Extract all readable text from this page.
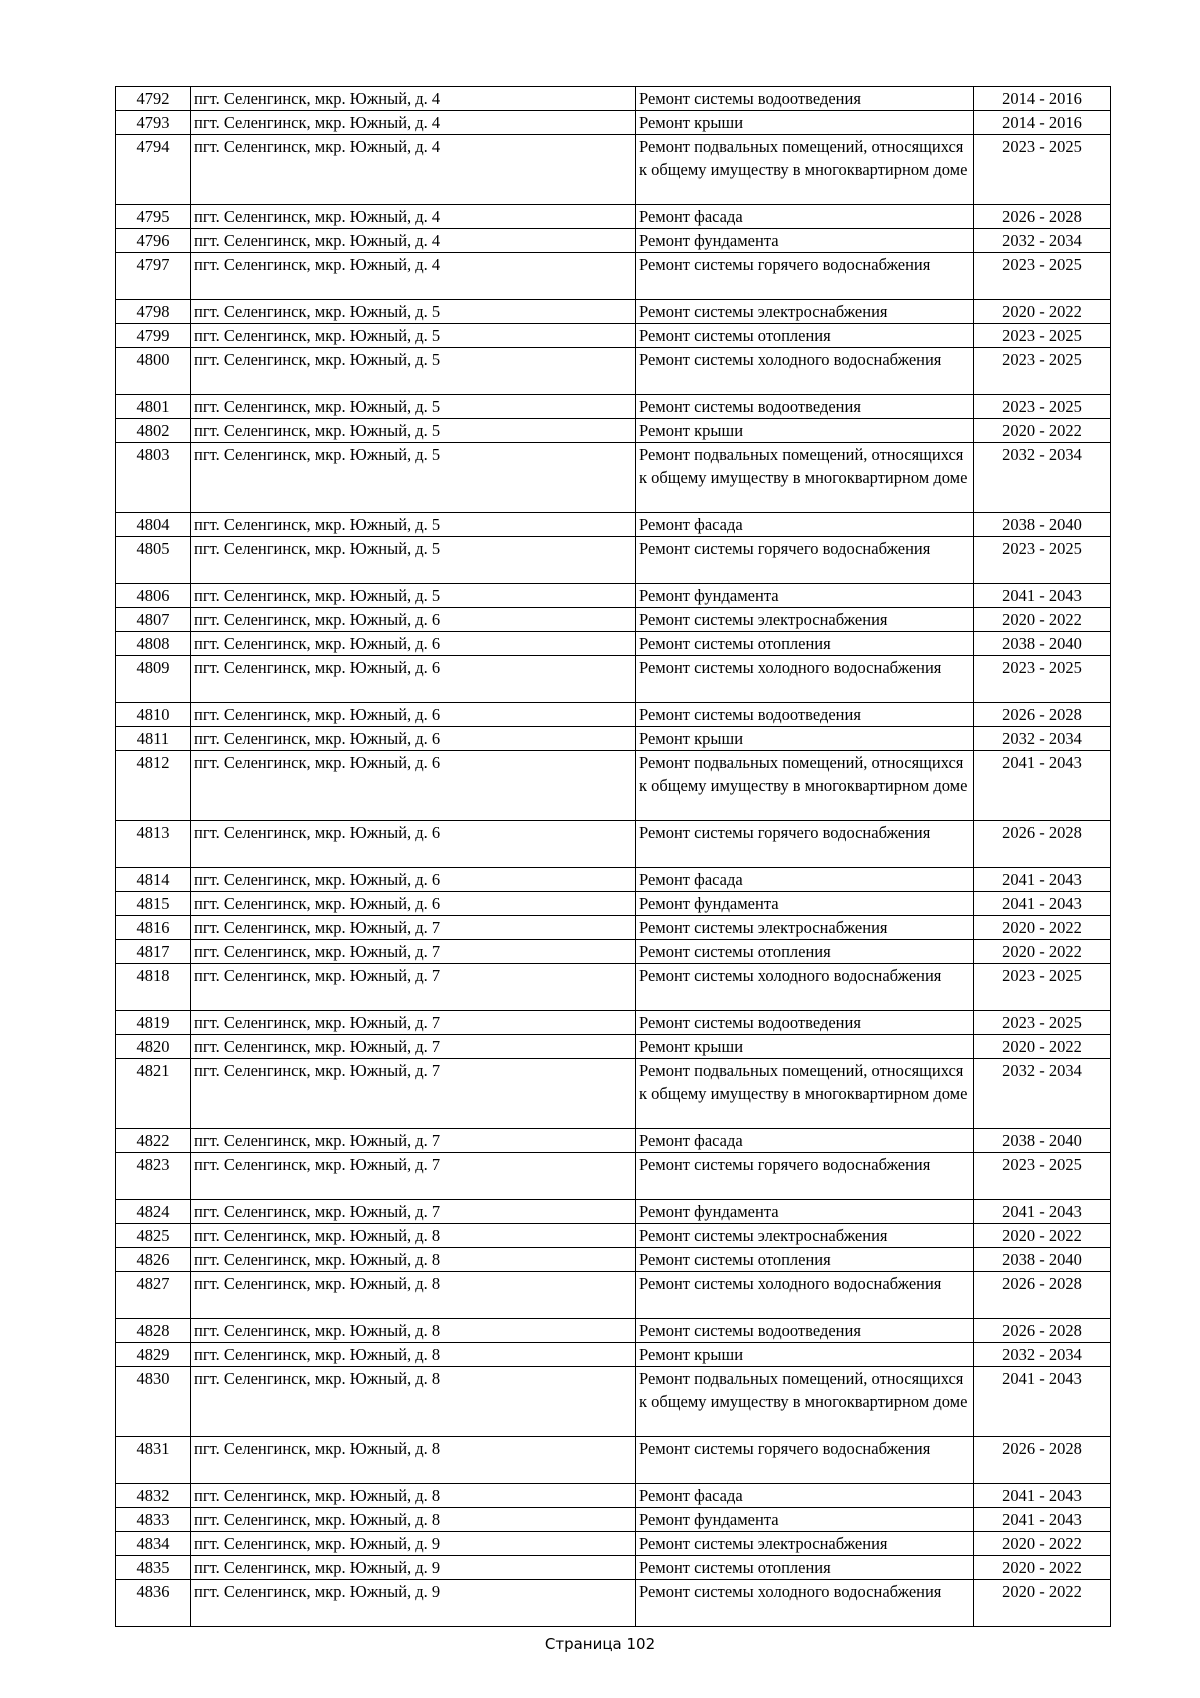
4792	пгт. Селенгинск, мкр. Южный, д. 4	Ремонт системы водоотведения	2014 - 2016
4793	пгт. Селенгинск, мкр. Южный, д. 4	Ремонт крыши	2014 - 2016
4794	пгт. Селенгинск, мкр. Южный, д. 4	Ремонт подвальных помещений, относящихся к общему имуществу в многоквартирном доме	2023 - 2025
4795	пгт. Селенгинск, мкр. Южный, д. 4	Ремонт фасада	2026 - 2028
4796	пгт. Селенгинск, мкр. Южный, д. 4	Ремонт фундамента	2032 - 2034
4797	пгт. Селенгинск, мкр. Южный, д. 4	Ремонт системы горячего водоснабжения	2023 - 2025
4798	пгт. Селенгинск, мкр. Южный, д. 5	Ремонт системы электроснабжения	2020 - 2022
4799	пгт. Селенгинск, мкр. Южный, д. 5	Ремонт системы отопления	2023 - 2025
4800	пгт. Селенгинск, мкр. Южный, д. 5	Ремонт системы холодного водоснабжения	2023 - 2025
4801	пгт. Селенгинск, мкр. Южный, д. 5	Ремонт системы водоотведения	2023 - 2025
4802	пгт. Селенгинск, мкр. Южный, д. 5	Ремонт крыши	2020 - 2022
4803	пгт. Селенгинск, мкр. Южный, д. 5	Ремонт подвальных помещений, относящихся к общему имуществу в многоквартирном доме	2032 - 2034
4804	пгт. Селенгинск, мкр. Южный, д. 5	Ремонт фасада	2038 - 2040
4805	пгт. Селенгинск, мкр. Южный, д. 5	Ремонт системы горячего водоснабжения	2023 - 2025
4806	пгт. Селенгинск, мкр. Южный, д. 5	Ремонт фундамента	2041 - 2043
4807	пгт. Селенгинск, мкр. Южный, д. 6	Ремонт системы электроснабжения	2020 - 2022
4808	пгт. Селенгинск, мкр. Южный, д. 6	Ремонт системы отопления	2038 - 2040
4809	пгт. Селенгинск, мкр. Южный, д. 6	Ремонт системы холодного водоснабжения	2023 - 2025
4810	пгт. Селенгинск, мкр. Южный, д. 6	Ремонт системы водоотведения	2026 - 2028
4811	пгт. Селенгинск, мкр. Южный, д. 6	Ремонт крыши	2032 - 2034
4812	пгт. Селенгинск, мкр. Южный, д. 6	Ремонт подвальных помещений, относящихся к общему имуществу в многоквартирном доме	2041 - 2043
4813	пгт. Селенгинск, мкр. Южный, д. 6	Ремонт системы горячего водоснабжения	2026 - 2028
4814	пгт. Селенгинск, мкр. Южный, д. 6	Ремонт фасада	2041 - 2043
4815	пгт. Селенгинск, мкр. Южный, д. 6	Ремонт фундамента	2041 - 2043
4816	пгт. Селенгинск, мкр. Южный, д. 7	Ремонт системы электроснабжения	2020 - 2022
4817	пгт. Селенгинск, мкр. Южный, д. 7	Ремонт системы отопления	2020 - 2022
4818	пгт. Селенгинск, мкр. Южный, д. 7	Ремонт системы холодного водоснабжения	2023 - 2025
4819	пгт. Селенгинск, мкр. Южный, д. 7	Ремонт системы водоотведения	2023 - 2025
4820	пгт. Селенгинск, мкр. Южный, д. 7	Ремонт крыши	2020 - 2022
4821	пгт. Селенгинск, мкр. Южный, д. 7	Ремонт подвальных помещений, относящихся к общему имуществу в многоквартирном доме	2032 - 2034
4822	пгт. Селенгинск, мкр. Южный, д. 7	Ремонт фасада	2038 - 2040
4823	пгт. Селенгинск, мкр. Южный, д. 7	Ремонт системы горячего водоснабжения	2023 - 2025
4824	пгт. Селенгинск, мкр. Южный, д. 7	Ремонт фундамента	2041 - 2043
4825	пгт. Селенгинск, мкр. Южный, д. 8	Ремонт системы электроснабжения	2020 - 2022
4826	пгт. Селенгинск, мкр. Южный, д. 8	Ремонт системы отопления	2038 - 2040
4827	пгт. Селенгинск, мкр. Южный, д. 8	Ремонт системы холодного водоснабжения	2026 - 2028
4828	пгт. Селенгинск, мкр. Южный, д. 8	Ремонт системы водоотведения	2026 - 2028
4829	пгт. Селенгинск, мкр. Южный, д. 8	Ремонт крыши	2032 - 2034
4830	пгт. Селенгинск, мкр. Южный, д. 8	Ремонт подвальных помещений, относящихся к общему имуществу в многоквартирном доме	2041 - 2043
4831	пгт. Селенгинск, мкр. Южный, д. 8	Ремонт системы горячего водоснабжения	2026 - 2028
4832	пгт. Селенгинск, мкр. Южный, д. 8	Ремонт фасада	2041 - 2043
4833	пгт. Селенгинск, мкр. Южный, д. 8	Ремонт фундамента	2041 - 2043
4834	пгт. Селенгинск, мкр. Южный, д. 9	Ремонт системы электроснабжения	2020 - 2022
4835	пгт. Селенгинск, мкр. Южный, д. 9	Ремонт системы отопления	2020 - 2022
4836	пгт. Селенгинск, мкр. Южный, д. 9	Ремонт системы холодного водоснабжения	2020 - 2022
Страница 102
